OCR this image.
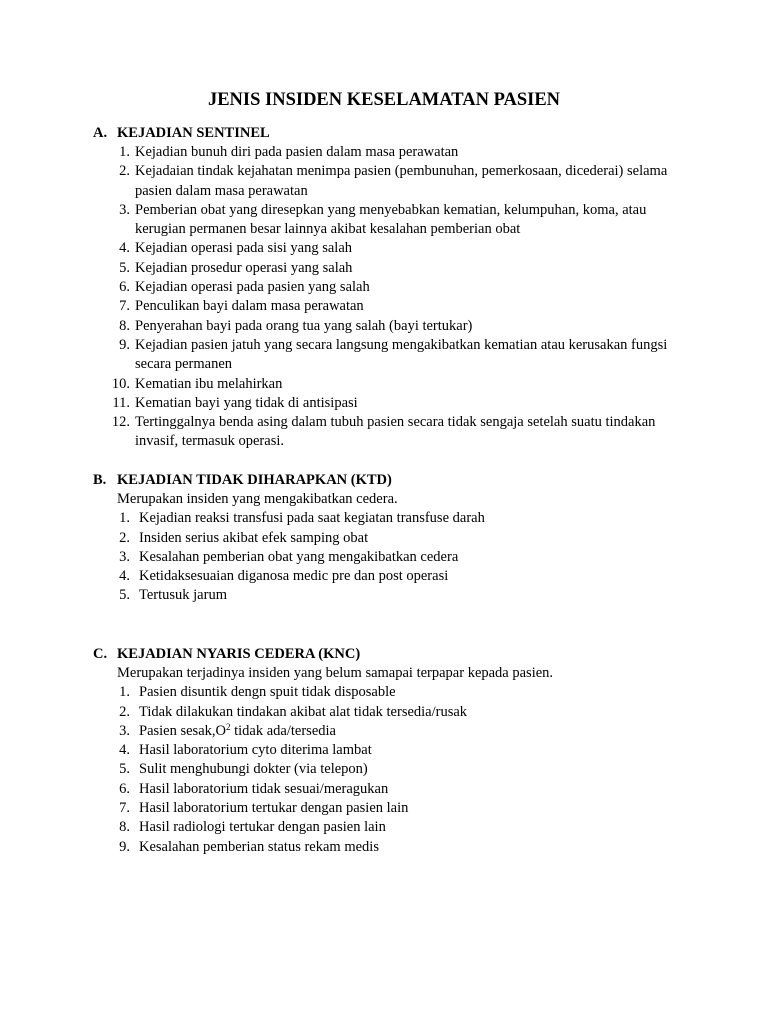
JENIS INSIDEN KESELAMATAN PASIEN
A. KEJADIAN SENTINEL
1. Kejadian bunuh diri pada pasien dalam masa perawatan
2. Kejadaian tindak kejahatan menimpa pasien (pembunuhan, pemerkosaan, dicederai) selama pasien dalam masa perawatan
3. Pemberian obat yang diresepkan yang menyebabkan kematian, kelumpuhan, koma, atau kerugian permanen besar lainnya akibat kesalahan pemberian obat
4. Kejadian operasi pada sisi yang salah
5. Kejadian prosedur operasi yang salah
6. Kejadian operasi pada pasien yang salah
7. Penculikan bayi dalam masa perawatan
8. Penyerahan bayi pada orang tua yang salah (bayi tertukar)
9. Kejadian pasien jatuh yang secara langsung mengakibatkan kematian atau kerusakan fungsi secara permanen
10. Kematian ibu melahirkan
11. Kematian bayi yang tidak di antisipasi
12. Tertinggalnya benda asing dalam tubuh pasien secara tidak sengaja setelah suatu tindakan invasif, termasuk operasi.
B. KEJADIAN TIDAK DIHARAPKAN (KTD)
Merupakan insiden yang mengakibatkan cedera.
1. Kejadian reaksi transfusi pada saat kegiatan transfuse darah
2. Insiden serius akibat efek samping obat
3. Kesalahan pemberian obat yang mengakibatkan cedera
4. Ketidaksesuaian diganosa medic pre dan post operasi
5. Tertusuk jarum
C. KEJADIAN NYARIS CEDERA (KNC)
Merupakan terjadinya insiden yang belum samapai terpapar kepada pasien.
1. Pasien disuntik dengn spuit tidak disposable
2. Tidak dilakukan tindakan akibat alat tidak tersedia/rusak
3. Pasien $sesak,O^2$ tidak ada/tersedia
4. Hasil laboratorium cyto diterima lambat
5. Sulit menghubungi dokter (via telepon)
6. Hasil laboratorium tidak sesuai/meragukan
7. Hasil laboratorium tertukar dengan pasien lain
8. Hasil radiologi tertukar dengan pasien lain
9. Kesalahan pemberian status rekam medis
